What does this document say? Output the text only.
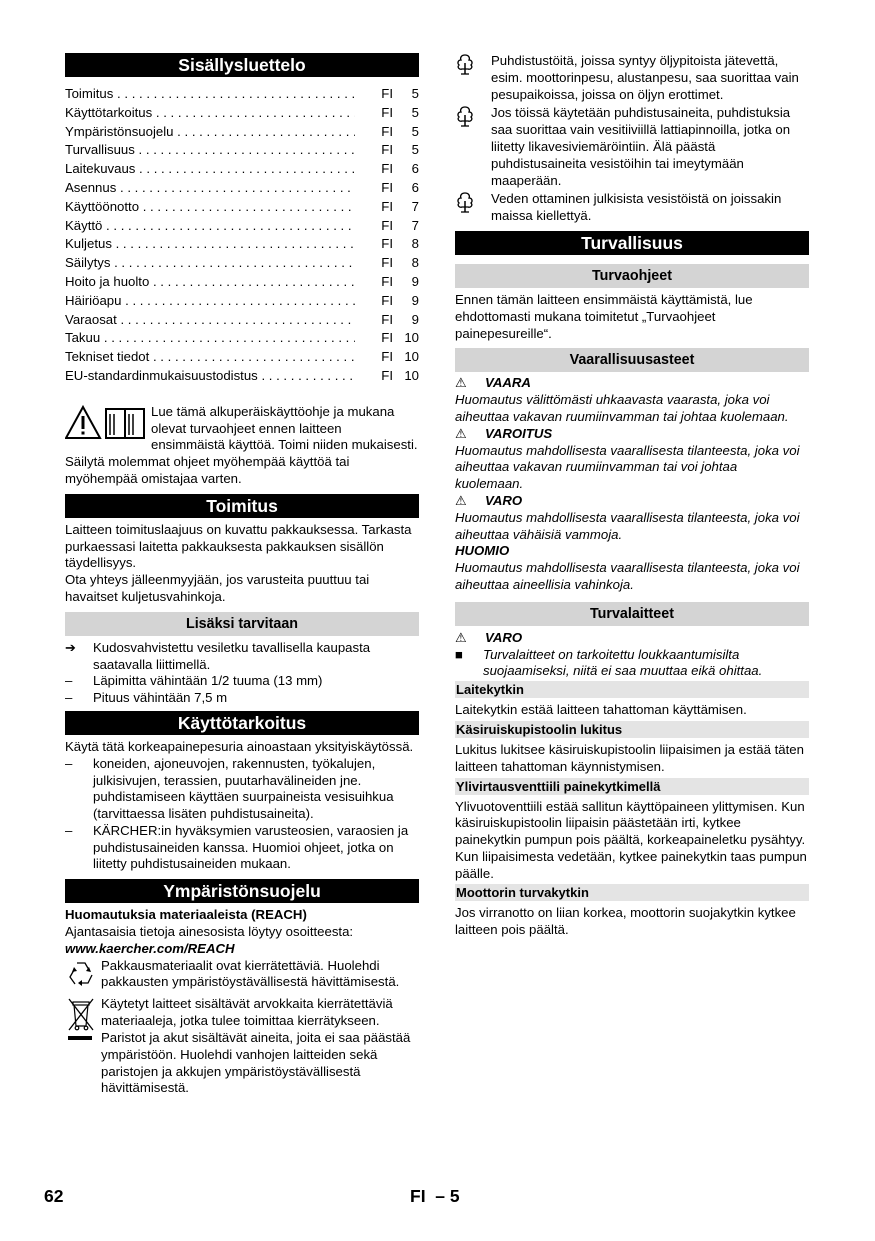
Sisällysluettelo
Toimitus . . .	FI	5
Käyttötarkoitus . . .	FI	5
Ympäristönsuojelu . . .	FI	5
Turvallisuus . . .	FI	5
Laitekuvaus . . .	FI	6
Asennus . . .	FI	6
Käyttöönotto . . .	FI	7
Käyttö . . .	FI	7
Kuljetus . . .	FI	8
Säilytys . . .	FI	8
Hoito ja huolto . . .	FI	9
Häiriöapu . . .	FI	9
Varaosat . . .	FI	9
Takuu . . .	FI 10
Tekniset tiedot . . .	FI 10
EU-standardinmukaisuustodistus . . .	FI 10

Lue tämä alkuperäiskäyttöohje ja mukana olevat turvaohjeet ennen laitteen ensimmäistä käyttöä. Toimi niiden mukaisesti.

Säilytä molemmat ohjeet myöhempää käyttöä tai myöhempää omistajaa varten.

Toimitus

Laitteen toimituslaajuus on kuvattu pakkauksessa. Tarkasta purkaessasi laitetta pakkauksesta pakkauksen sisällön täydellisyys.

Ota yhteys jälleenmyyjään, jos varusteita puuttuu tai havaitset kuljetusvahinkoja.

Lisäksi tarvitaan
➔	Kudosvahvistettu vesiletku tavallisella kaupasta saatavalla liittimellä.
–	Läpimitta vähintään 1/2 tuuma (13 mm)
–	Pituus vähintään 7,5 m
Käyttötarkoitus

Käytä tätä korkeapainepesuria ainoastaan yksityiskäytössä.

–	koneiden, ajoneuvojen, rakennusten, työkalujen, julkisivujen, terassien, puutarhavälineiden jne. puhdistamiseen käyttäen suurpaineista vesisuihkua (tarvittaessa lisäten puhdistusaineita).
–	KÄRCHER:in hyväksymien varusteosien, varaosien ja puhdistusaineiden kanssa. Huomioi ohjeet, jotka on liitetty puhdistusaineiden mukaan.
Ympäristönsuojelu

Huomautuksia materiaaleista (REACH)

Ajantasaisia tietoja ainesosista löytyy osoitteesta:

www.kaercher.com/REACH

Pakkausmateriaalit ovat kierrätettäviä. Huolehdi pakkausten ympäristöystävällisestä hävittämisestä.

Käytetyt laitteet sisältävät arvokkaita kierrätettäviä materiaaleja, jotka tulee toimittaa kierrätykseen. Paristot ja akut sisältävät aineita, joita ei saa päästää ympäristöön. Huolehdi vanhojen laitteiden sekä paristojen ja akkujen ympäristöystävällisestä hävittämisestä.

Puhdistustöitä, joissa syntyy öljypitoista jätevettä, esim. moottorinpesu, alustanpesu, saa suorittaa vain pesupaikoissa, joissa on öljyn erottimet.

Jos töissä käytetään puhdistusaineita, puhdistuksia saa suorittaa vain vesitiiviillä lattiapinnoilla, jotka on liitetty likavesiviemäröintiin. Älä päästä puhdistusaineita vesistöihin tai imeytymään maaperään.

Veden ottaminen julkisista vesistöistä on joissakin maissa kiellettyä.

Turvallisuus
Turvaohjeet

Ennen tämän laitteen ensimmäistä käyttämistä, lue ehdottomasti mukana toimitetut „Turvaohjeet painepesureille“.

Vaarallisuusasteet

⚠ VAARA

Huomautus välittömästi uhkaavasta vaarasta, joka voi aiheuttaa vakavan ruumiinvamman tai johtaa kuolemaan.

⚠ VAROITUS

Huomautus mahdollisesta vaarallisesta tilanteesta, joka voi aiheuttaa vakavan ruumiinvamman tai voi johtaa kuolemaan.

⚠ VARO

Huomautus mahdollisesta vaarallisesta tilanteesta, joka voi aiheuttaa vähäisiä vammoja.

HUOMIO

Huomautus mahdollisesta vaarallisesta tilanteesta, joka voi aiheuttaa aineellisia vahinkoja.

Turvalaitteet

⚠ VARO

■	Turvalaitteet on tarkoitettu loukkaantumisilta suojaamiseksi, niitä ei saa muuttaa eikä ohittaa.
Laitekytkin

Laitekytkin estää laitteen tahattoman käyttämisen.

Käsiruiskupistoolin lukitus

Lukitus lukitsee käsiruiskupistoolin liipaisimen ja estää täten laitteen tahattoman käynnistymisen.

Ylivirtausventtiili painekytkimellä

Ylivuotoventtiili estää sallitun käyttöpaineen ylittymisen. Kun käsiruiskupistoolin liipaisin päästetään irti, kytkee painekytkin pumpun pois päältä, korkeapaineletku pysähtyy. Kun liipaisimesta vedetään, kytkee painekytkin taas pumpun päälle.

Moottorin turvakytkin

Jos virranotto on liian korkea, moottorin suojakytkin kytkee laitteen pois päältä.

62	FI – 5
